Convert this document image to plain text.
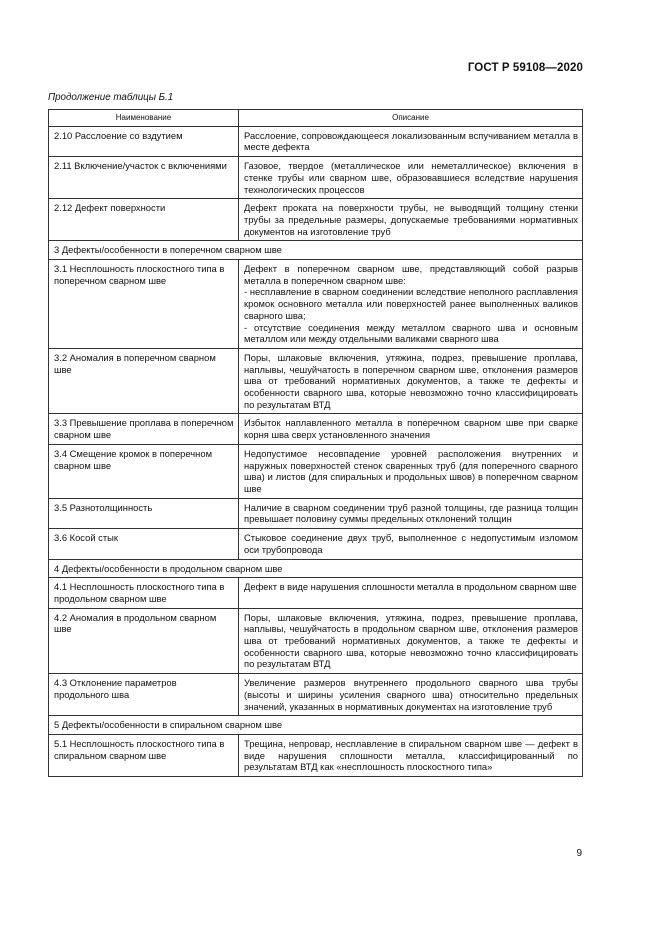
ГОСТ Р 59108—2020
Продолжение таблицы Б.1
Наименование	Описание
2.10 Расслоение со вздутием	Расслоение, сопровождающееся локализованным вспучиванием металла в месте дефекта
2.11 Включение/участок с включениями	Газовое, твердое (металлическое или неметаллическое) включения в стенке трубы или сварном шве, образовавшиеся вследствие нарушения технологических процессов
2.12 Дефект поверхности	Дефект проката на поверхности трубы, не выводящий толщину стенки трубы за предельные размеры, допускаемые требованиями нормативных документов на изготовление труб
3 Дефекты/особенности в поперечном сварном шве	
3.1 Несплошность плоскостного типа в поперечном сварном шве	Дефект в поперечном сварном шве, представляющий собой разрыв металла в поперечном сварном шве:
- несплавление в сварном соединении вследствие неполного расплавления кромок основного металла или поверхностей ранее выполненных валиков сварного шва;
- отсутствие соединения между металлом сварного шва и основным металлом или между отдельными валиками сварного шва

3.2 Аномалия в поперечном сварном шве	Поры, шлаковые включения, утяжина, подрез, превышение проплава, наплывы, чешуйчатость в поперечном сварном шве, отклонения размеров шва от требований нормативных документов, а также те дефекты и особенности сварного шва, которые невозможно точно классифицировать по результатам ВТД
3.3 Превышение проплава в поперечном сварном шве	Избыток наплавленного металла в поперечном сварном шве при сварке корня шва сверх установленного значения
3.4 Смещение кромок в поперечном сварном шве	Недопустимое несовпадение уровней расположения внутренних и наружных поверхностей стенок сваренных труб (для поперечного сварного шва) и листов (для спиральных и продольных швов) в поперечном сварном шве
3.5 Разнотолщинность	Наличие в сварном соединении труб разной толщины, где разница толщин превышает половину суммы предельных отклонений толщин
3.6 Косой стык	Стыковое соединение двух труб, выполненное с недопустимым изломом оси трубопровода
4 Дефекты/особенности в продольном сварном шве	
4.1 Несплошность плоскостного типа в продольном сварном шве	Дефект в виде нарушения сплошности металла в продольном сварном шве
4.2 Аномалия в продольном сварном шве	Поры, шлаковые включения, утяжина, подрез, превышение проплава, наплывы, чешуйчатость в продольном сварном шве, отклонения размеров шва от требований нормативных документов, а также те дефекты и особенности сварного шва, которые невозможно точно классифицировать по результатам ВТД
4.3 Отклонение параметров продольного шва	Увеличение размеров внутреннего продольного сварного шва трубы (высоты и ширины усиления сварного шва) относительно предельных значений, указанных в нормативных документах на изготовление труб
5 Дефекты/особенности в спиральном сварном шве	
5.1 Несплошность плоскостного типа в спиральном сварном шве	Трещина, непровар, несплавление в спиральном сварном шве — дефект в виде нарушения сплошности металла, классифицированный по результатам ВТД как «несплошность плоскостного типа»
9
